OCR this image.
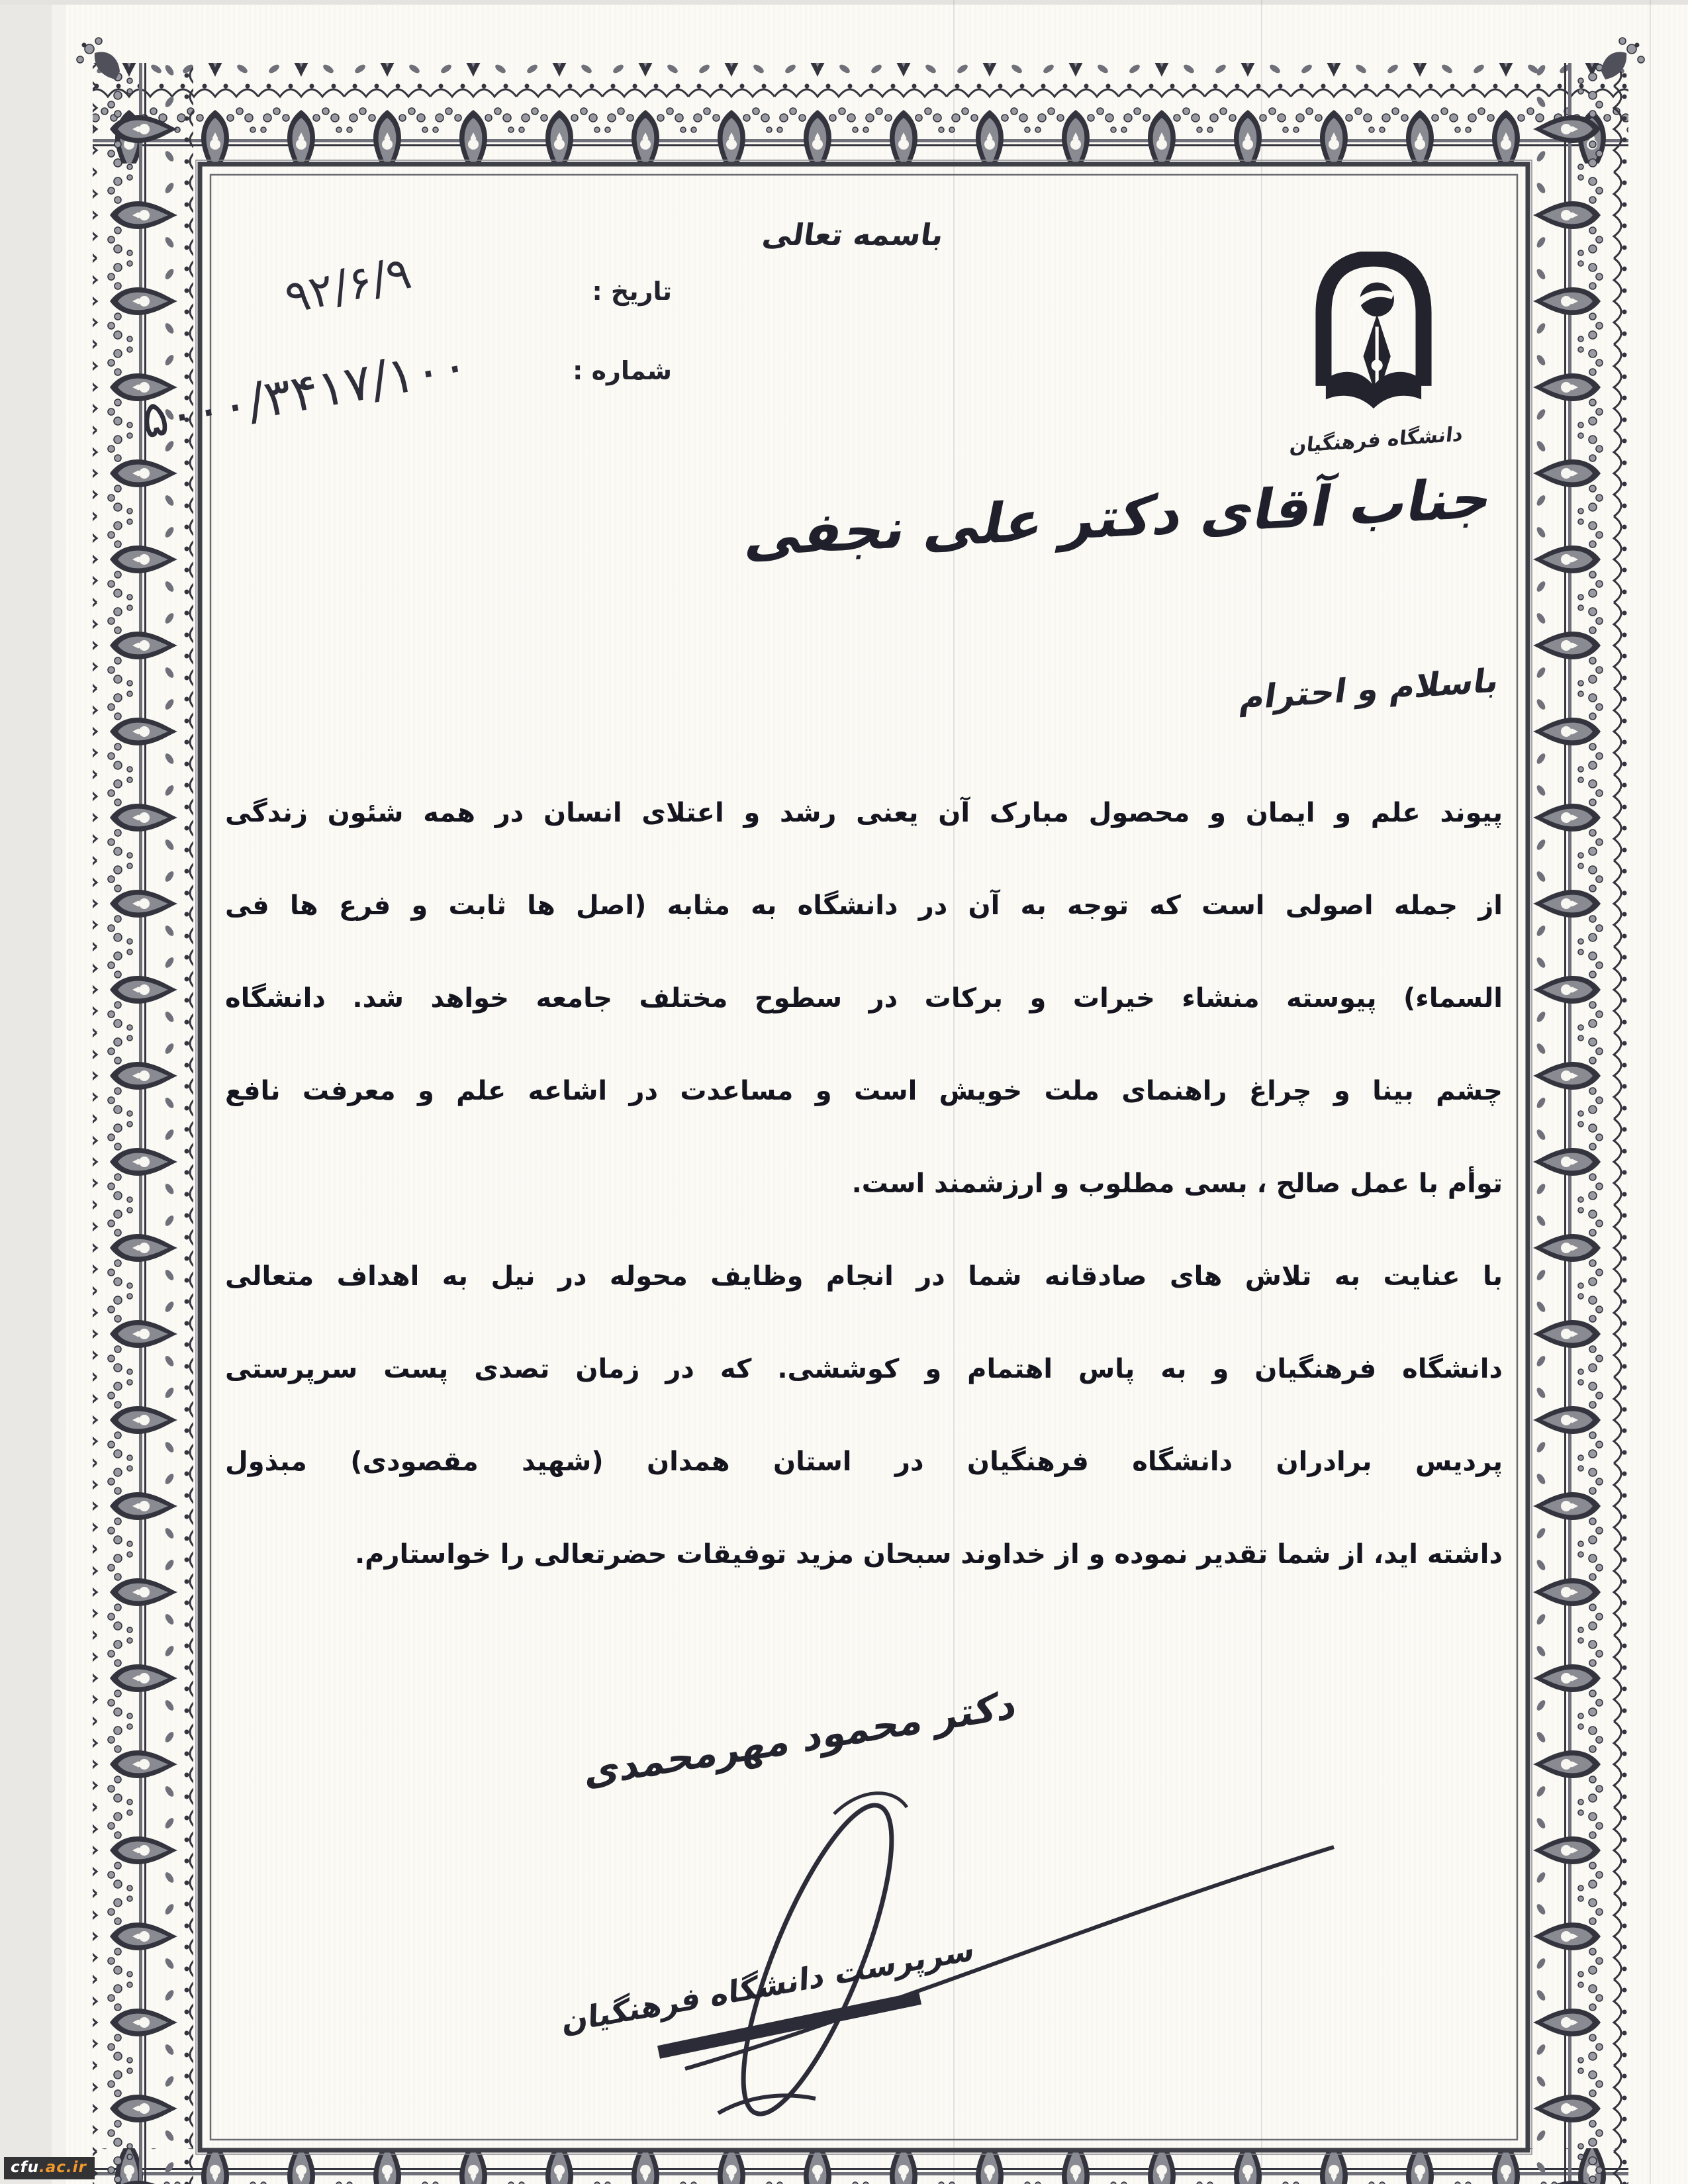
باسمه تعالی
تاریخ :
۹۲/۶/۹
شماره :
۵۰۰۰/۳۴۱۷/۱۰۰	دانشگاه فرهنگیان
جناب آقای دکتر علی نجفی
باسلام و احترام
پیوند علم و ایمان و محصول مبارک آن یعنی رشد و اعتلای انسان در همه شئون زندگی
از جمله اصولی است که توجه به آن در دانشگاه به مثابه (اصل ها ثابت و فرع ها فی
السماء) پیوسته منشاء خیرات و برکات در سطوح مختلف جامعه خواهد شد. دانشگاه
چشم بینا و چراغ راهنمای ملت خویش است و مساعدت در اشاعه علم و معرفت نافع
توأم با عمل صالح ، بسی مطلوب و ارزشمند است.
با عنایت به تلاش های صادقانه شما در انجام وظایف محوله در نیل به اهداف متعالی
دانشگاه فرهنگیان و به پاس اهتمام و کوششی. که در زمان تصدی پست سرپرستی
پردیس برادران دانشگاه فرهنگیان در استان همدان (شهید مقصودی) مبذول
داشته اید، از شما تقدیر نموده و از خداوند سبحان مزید توفیقات حضرتعالی را خواستارم.
دکتر محمود مهرمحمدی
سرپرست دانشگاه فرهنگیان
cfu.ac.ir
